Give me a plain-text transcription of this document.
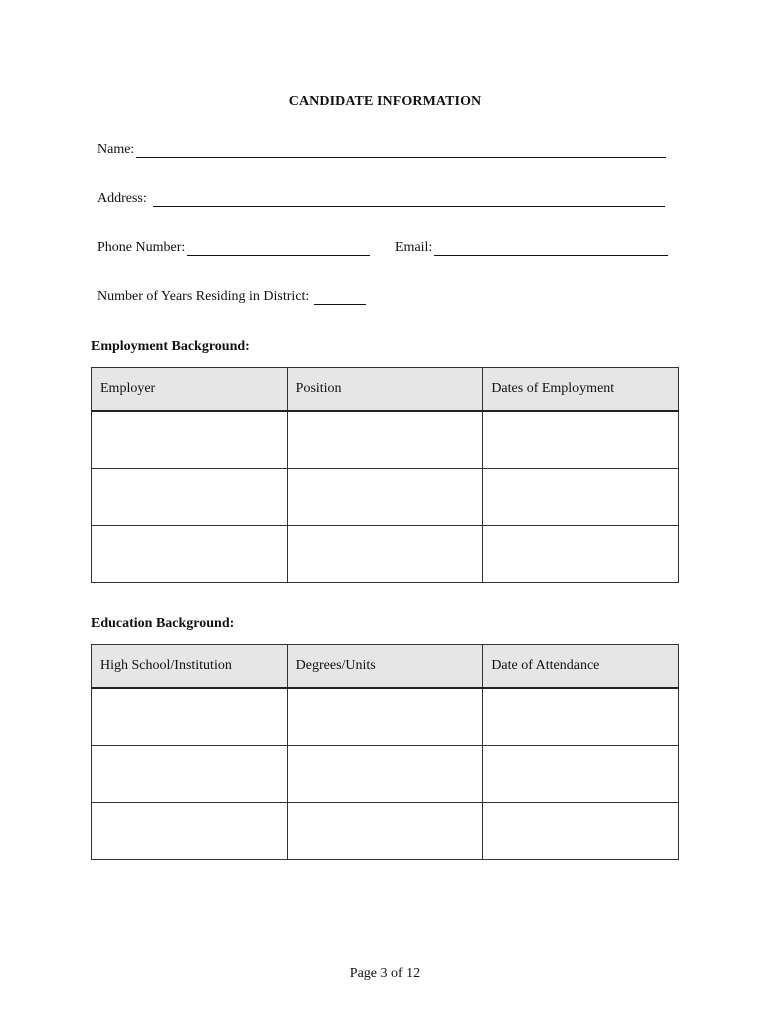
CANDIDATE INFORMATION
Name:
Address:
Phone Number:	Email:
Number of Years Residing in District:
Employment Background:
Employer	Position	Dates of Employment

Education Background:
High School/Institution	Degrees/Units	Date of Attendance

Page 3 of 12
